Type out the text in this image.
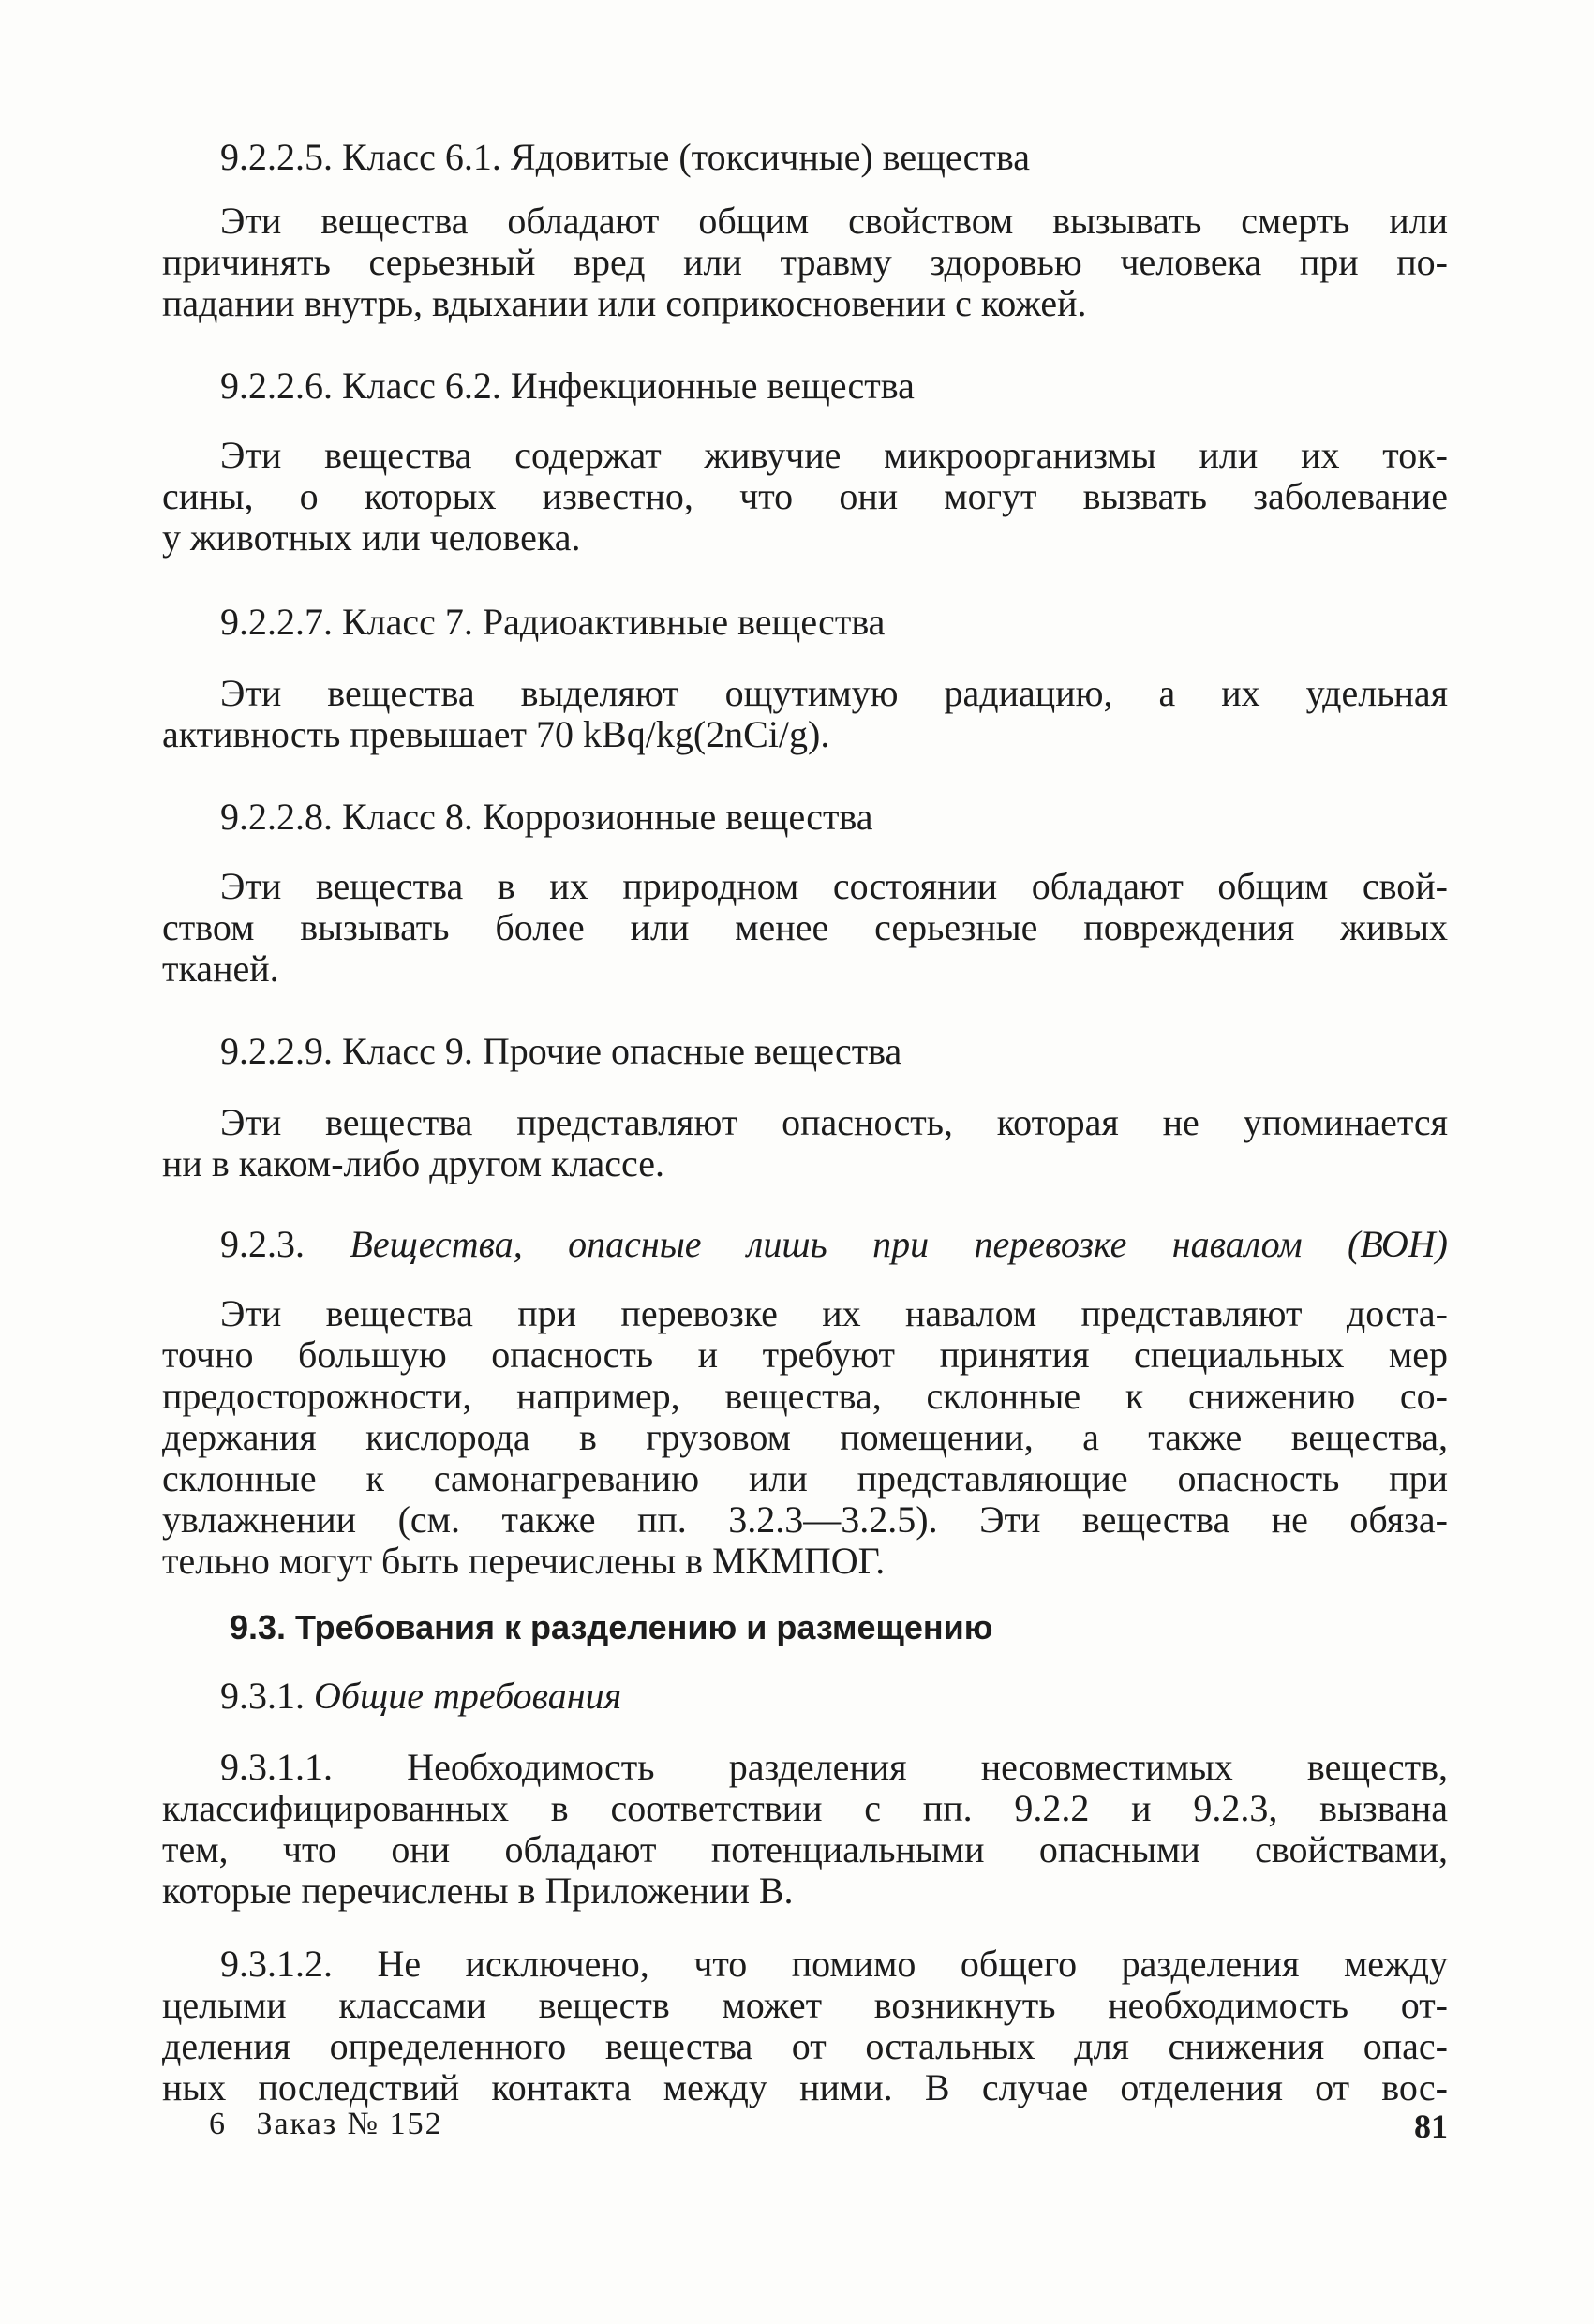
9.2.2.5. Класс 6.1. Ядовитые (токсичные) вещества

Эти вещества обладают общим свойством вызывать смерть или
причинять серьезный вред или травму здоровью человека при по-
падании внутрь, вдыхании или соприкосновении с кожей.

9.2.2.6. Класс 6.2. Инфекционные вещества

Эти вещества содержат живучие микроорганизмы или их ток-
сины, о которых известно, что они могут вызвать заболевание
у животных или человека.

9.2.2.7. Класс 7. Радиоактивные вещества

Эти вещества выделяют ощутимую радиацию, а их удельная
активность превышает 70 kBq/kg(2nCi/g).

9.2.2.8. Класс 8. Коррозионные вещества

Эти вещества в их природном состоянии обладают общим свой-
ством вызывать более или менее серьезные повреждения живых
тканей.

9.2.2.9. Класс 9. Прочие опасные вещества

Эти вещества представляют опасность, которая не упоминается
ни в каком-либо другом классе.

9.2.3. Вещества, опасные лишь при перевозке навалом (ВОН)

Эти вещества при перевозке их навалом представляют доста-
точно большую опасность и требуют принятия специальных мер
предосторожности, например, вещества, склонные к снижению со-
держания кислорода в грузовом помещении, а также вещества,
склонные к самонагреванию или представляющие опасность при
увлажнении (см. также пп. 3.2.3—3.2.5). Эти вещества не обяза-
тельно могут быть перечислены в МКМПОГ.

9.3. Требования к разделению и размещению

9.3.1. Общие требования

9.3.1.1. Необходимость разделения несовместимых веществ,
классифицированных в соответствии с пп. 9.2.2 и 9.2.3, вызвана
тем, что они обладают потенциальными опасными свойствами,
которые перечислены в Приложении В.

9.3.1.2. Не исключено, что помимо общего разделения между
целыми классами веществ может возникнуть необходимость от-
деления определенного вещества от остальных для снижения опас-
ных последствий контакта между ними. В случае отделения от вос-

6   Заказ № 152	81
